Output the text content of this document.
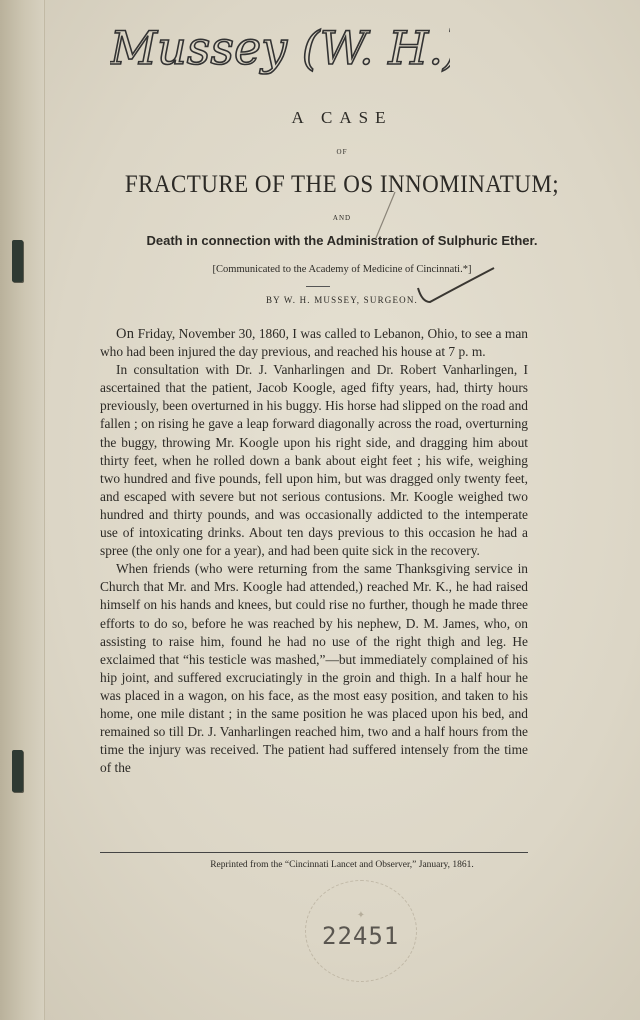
Mussey (W. H.)
A CASE
OF
FRACTURE OF THE OS INNOMINATUM;
AND
Death in connection with the Administration of Sulphuric Ether.
[Communicated to the Academy of Medicine of Cincinnati.*]
BY W. H. MUSSEY, SURGEON.

On Friday, November 30, 1860, I was called to Lebanon, Ohio, to see a man who had been injured the day previous, and reached his house at 7 p. m.

In consultation with Dr. J. Vanharlingen and Dr. Robert Vanharlingen, I ascertained that the patient, Jacob Koogle, aged fifty years, had, thirty hours previously, been overturned in his buggy. His horse had slipped on the road and fallen ; on rising he gave a leap forward diagonally across the road, overturning the buggy, throwing Mr. Koogle upon his right side, and dragging him about thirty feet, when he rolled down a bank about eight feet ; his wife, weighing two hundred and five pounds, fell upon him, but was dragged only twenty feet, and escaped with severe but not serious contusions. Mr. Koogle weighed two hundred and thirty pounds, and was occasionally addicted to the intemperate use of intoxicating drinks. About ten days previous to this occasion he had a spree (the only one for a year), and had been quite sick in the recovery.

When friends (who were returning from the same Thanksgiving service in Church that Mr. and Mrs. Koogle had attended,) reached Mr. K., he had raised himself on his hands and knees, but could rise no further, though he made three efforts to do so, before he was reached by his nephew, D. M. James, who, on assisting to raise him, found he had no use of the right thigh and leg. He exclaimed that “his testicle was mashed,”—but immediately complained of his hip joint, and suffered excruciatingly in the groin and thigh. In a half hour he was placed in a wagon, on his face, as the most easy position, and taken to his home, one mile distant ; in the same position he was placed upon his bed, and remained so till Dr. J. Vanharlingen reached him, two and a half hours from the time the injury was received. The patient had suffered intensely from the time of the

Reprinted from the “Cincinnati Lancet and Observer,” January, 1861.
✦
22451
